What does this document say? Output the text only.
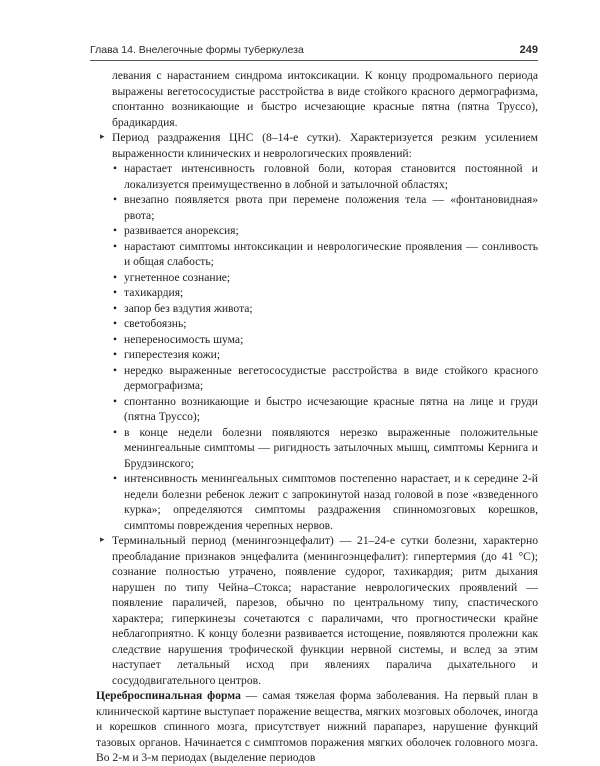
Глава 14. Внелегочные формы туберкулеза	249

левания с нарастанием синдрома интоксикации. К концу продромального периода выражены вегетососудистые расстройства в виде стойкого красного дермографизма, спонтанно возникающие и быстро исчезающие красные пятна (пятна Труссо), брадикардия.

▸ Период раздражения ЦНС (8–14-е сутки). Характеризуется резким усилением выраженности клинических и неврологических проявлений:

• нарастает интенсивность головной боли, которая становится постоянной и локализуется преимущественно в лобной и затылочной областях;
• внезапно появляется рвота при перемене положения тела — «фонтановидная» рвота;
• развивается анорексия;
• нарастают симптомы интоксикации и неврологические проявления — сонливость и общая слабость;
• угнетенное сознание;
• тахикардия;
• запор без вздутия живота;
• светобоязнь;
• непереносимость шума;
• гиперестезия кожи;
• нередко выраженные вегетососудистые расстройства в виде стойкого красного дермографизма;
• спонтанно возникающие и быстро исчезающие красные пятна на лице и груди (пятна Труссо);
• в конце недели болезни появляются нерезко выраженные положительные менингеальные симптомы — ригидность затылочных мышц, симптомы Кернига и Брудзинского;
• интенсивность менингеальных симптомов постепенно нарастает, и к середине 2-й недели болезни ребенок лежит с запрокинутой назад головой в позе «взведенного курка»; определяются симптомы раздражения спинномозговых корешков, симптомы повреждения черепных нервов.

▸ Терминальный период (менингоэнцефалит) — 21–24-е сутки болезни, характерно преобладание признаков энцефалита (менингоэнцефалит): гипертермия (до 41 °С); сознание полностью утрачено, появление судорог, тахикардия; ритм дыхания нарушен по типу Чейна–Стокса; нарастание неврологических проявлений — появление параличей, парезов, обычно по центральному типу, спастического характера; гиперкинезы сочетаются с параличами, что прогностически крайне неблагоприятно. К концу болезни развивается истощение, появляются пролежни как следствие нарушения трофической функции нервной системы, и вслед за этим наступает летальный исход при явлениях паралича дыхательного и сосудодвигательного центров.

Цереброспинальная форма — самая тяжелая форма заболевания. На первый план в клинической картине выступает поражение вещества, мягких мозговых оболочек, иногда и корешков спинного мозга, присутствует нижний парапарез, нарушение функций тазовых органов. Начинается с симптомов поражения мягких оболочек головного мозга. Во 2-м и 3-м периодах (выделение периодов
